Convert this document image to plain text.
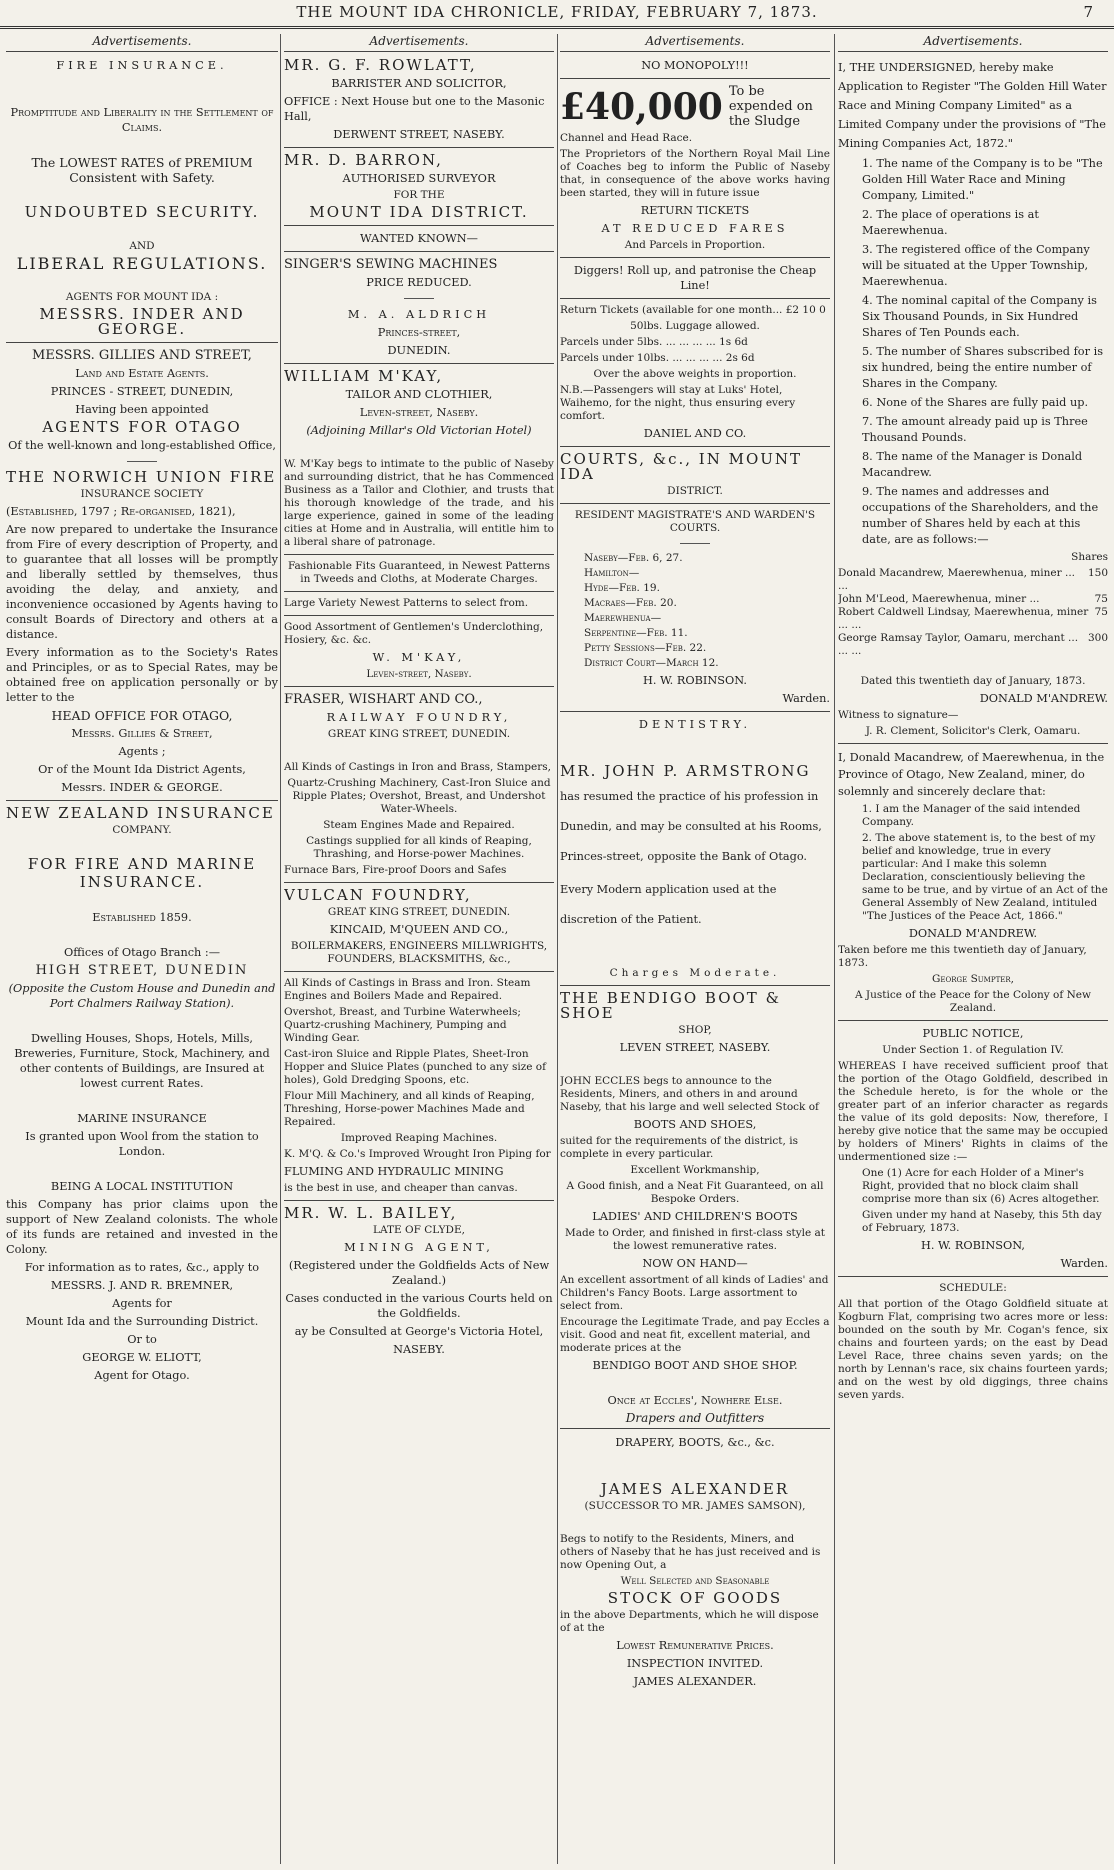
THE MOUNT IDA CHRONICLE, FRIDAY, FEBRUARY 7, 1873.	7
Advertisements.

FIRE INSURANCE.

Promptitude and Liberality in the Settlement of Claims.

The LOWEST RATES of PREMIUM Consistent with Safety.

UNDOUBTED SECURITY.

AND

LIBERAL REGULATIONS.

AGENTS FOR MOUNT IDA :

MESSRS. INDER AND GEORGE.

MESSRS. GILLIES AND STREET,

Land and Estate Agents.

PRINCES - STREET, DUNEDIN,

Having been appointed

AGENTS FOR OTAGO

Of the well-known and long-established Office,

THE NORWICH UNION FIRE

INSURANCE SOCIETY

(Established, 1797 ; Re-organised, 1821),

Are now prepared to undertake the Insurance from Fire of every description of Property, and to guarantee that all losses will be promptly and liberally settled by themselves, thus avoiding the delay, and anxiety, and inconvenience occasioned by Agents having to consult Boards of Directory and others at a distance.

Every information as to the Society's Rates and Principles, or as to Special Rates, may be obtained free on application personally or by letter to the

HEAD OFFICE FOR OTAGO,

Messrs. Gillies & Street,

Agents ;

Or of the Mount Ida District Agents,

Messrs. INDER & GEORGE.

NEW ZEALAND INSURANCE

COMPANY.

FOR FIRE AND MARINE

INSURANCE.

Established 1859.

Offices of Otago Branch :—

HIGH STREET, DUNEDIN

(Opposite the Custom House and Dunedin and Port Chalmers Railway Station).

Dwelling Houses, Shops, Hotels, Mills, Breweries, Furniture, Stock, Machinery, and other contents of Buildings, are Insured at lowest current Rates.

MARINE INSURANCE

Is granted upon Wool from the station to London.

BEING A LOCAL INSTITUTION

this Company has prior claims upon the support of New Zealand colonists. The whole of its funds are retained and invested in the Colony.

For information as to rates, &c., apply to

MESSRS. J. AND R. BREMNER,

Agents for

Mount Ida and the Surrounding District.

Or to

GEORGE W. ELIOTT,

Agent for Otago.

Advertisements.

MR. G. F. ROWLATT,

BARRISTER AND SOLICITOR,

OFFICE : Next House but one to the Masonic Hall,

DERWENT STREET, NASEBY.

MR. D. BARRON,

AUTHORISED SURVEYOR

FOR THE

MOUNT IDA DISTRICT.

WANTED KNOWN—

SINGER'S SEWING MACHINES

PRICE REDUCED.

M. A. ALDRICH

Princes-street,

DUNEDIN.

WILLIAM M'KAY,

TAILOR AND CLOTHIER,

Leven-street, Naseby.

(Adjoining Millar's Old Victorian Hotel)

W. M'Kay begs to intimate to the public of Naseby and surrounding district, that he has Commenced Business as a Tailor and Clothier, and trusts that his thorough knowledge of the trade, and his large experience, gained in some of the leading cities at Home and in Australia, will entitle him to a liberal share of patronage.

Fashionable Fits Guaranteed, in Newest Patterns in Tweeds and Cloths, at Moderate Charges.

Large Variety Newest Patterns to select from.

Good Assortment of Gentlemen's Underclothing, Hosiery, &c. &c.

W. M'KAY,

Leven-street, Naseby.

FRASER, WISHART AND CO.,

RAILWAY FOUNDRY,

GREAT KING STREET, DUNEDIN.

All Kinds of Castings in Iron and Brass, Stampers,

Quartz-Crushing Machinery, Cast-Iron Sluice and Ripple Plates; Overshot, Breast, and Undershot Water-Wheels.

Steam Engines Made and Repaired.

Castings supplied for all kinds of Reaping, Thrashing, and Horse-power Machines.

Furnace Bars, Fire-proof Doors and Safes

VULCAN FOUNDRY,

GREAT KING STREET, DUNEDIN.

KINCAID, M'QUEEN AND CO.,

BOILERMAKERS, ENGINEERS MILLWRIGHTS, FOUNDERS, BLACKSMITHS, &c.,

All Kinds of Castings in Brass and Iron. Steam Engines and Boilers Made and Repaired.

Overshot, Breast, and Turbine Waterwheels; Quartz-crushing Machinery, Pumping and Winding Gear.

Cast-iron Sluice and Ripple Plates, Sheet-Iron Hopper and Sluice Plates (punched to any size of holes), Gold Dredging Spoons, etc.

Flour Mill Machinery, and all kinds of Reaping, Threshing, Horse-power Machines Made and Repaired.

Improved Reaping Machines.

K. M'Q. & Co.'s Improved Wrought Iron Piping for

FLUMING AND HYDRAULIC MINING

is the best in use, and cheaper than canvas.

MR. W. L. BAILEY,

LATE OF CLYDE,

MINING AGENT,

(Registered under the Goldfields Acts of New Zealand.)

Cases conducted in the various Courts held on the Goldfields.

ay be Consulted at George's Victoria Hotel,

NASEBY.

Advertisements.

NO MONOPOLY!!!

£40,000 To be expended on the Sludge

Channel and Head Race.

The Proprietors of the Northern Royal Mail Line of Coaches beg to inform the Public of Naseby that, in consequence of the above works having been started, they will in future issue

RETURN TICKETS

AT REDUCED FARES

And Parcels in Proportion.

Diggers! Roll up, and patronise the Cheap Line!

Return Tickets (available for one month... £2 10 0

50lbs. Luggage allowed.

Parcels under 5lbs. ... ... ... ... 1s 6d

Parcels under 10lbs. ... ... ... ... 2s 6d

Over the above weights in proportion.

N.B.—Passengers will stay at Luks' Hotel, Waihemo, for the night, thus ensuring every comfort.

DANIEL AND CO.

COURTS, &c., IN MOUNT IDA

DISTRICT.

RESIDENT MAGISTRATE'S AND WARDEN'S COURTS.

Naseby—Feb. 6, 27.

Hamilton—

Hyde—Feb. 19.

Macraes—Feb. 20.

Maerewhenua—

Serpentine—Feb. 11.

Petty Sessions—Feb. 22.

District Court—March 12.

H. W. ROBINSON.

Warden.

DENTISTRY.

MR. JOHN P. ARMSTRONG

has resumed the practice of his profession in Dunedin, and may be consulted at his Rooms, Princes-street, opposite the Bank of Otago.

Every Modern application used at the discretion of the Patient.

Charges Moderate.

THE BENDIGO BOOT & SHOE

SHOP,

LEVEN STREET, NASEBY.

JOHN ECCLES begs to announce to the Residents, Miners, and others in and around Naseby, that his large and well selected Stock of

BOOTS AND SHOES,

suited for the requirements of the district, is complete in every particular.

Excellent Workmanship,

A Good finish, and a Neat Fit Guaranteed, on all Bespoke Orders.

LADIES' AND CHILDREN'S BOOTS

Made to Order, and finished in first-class style at the lowest remunerative rates.

NOW ON HAND—

An excellent assortment of all kinds of Ladies' and Children's Fancy Boots. Large assortment to select from.

Encourage the Legitimate Trade, and pay Eccles a visit. Good and neat fit, excellent material, and moderate prices at the

BENDIGO BOOT AND SHOE SHOP.

Once at Eccles', Nowhere Else.

Drapers and Outfitters

DRAPERY, BOOTS, &c., &c.

JAMES ALEXANDER

(SUCCESSOR TO MR. JAMES SAMSON),

Begs to notify to the Residents, Miners, and others of Naseby that he has just received and is now Opening Out, a

Well Selected and Seasonable

STOCK OF GOODS

in the above Departments, which he will dispose of at the

Lowest Remunerative Prices.

INSPECTION INVITED.

JAMES ALEXANDER.

Advertisements.

I, THE UNDERSIGNED, hereby make Application to Register "The Golden Hill Water Race and Mining Company Limited" as a Limited Company under the provisions of "The Mining Companies Act, 1872."

1. The name of the Company is to be "The Golden Hill Water Race and Mining Company, Limited."

2. The place of operations is at Maerewhenua.

3. The registered office of the Company will be situated at the Upper Township, Maerewhenua.

4. The nominal capital of the Company is Six Thousand Pounds, in Six Hundred Shares of Ten Pounds each.

5. The number of Shares subscribed for is six hundred, being the entire number of Shares in the Company.

6. None of the Shares are fully paid up.

7. The amount already paid up is Three Thousand Pounds.

8. The name of the Manager is Donald Macandrew.

9. The names and addresses and occupations of the Shareholders, and the number of Shares held by each at this date, are as follows:—

Shares

Donald Macandrew, Maerewhenua, miner ... ...
150
John M'Leod, Maerewhenua, miner ...	75
Robert Caldwell Lindsay, Maerewhenua, miner ... ...
75
George Ramsay Taylor, Oamaru, merchant ... ... ...
300

Dated this twentieth day of January, 1873.

DONALD M'ANDREW.

Witness to signature—

J. R. Clement, Solicitor's Clerk, Oamaru.

I, Donald Macandrew, of Maerewhenua, in the Province of Otago, New Zealand, miner, do solemnly and sincerely declare that:

1. I am the Manager of the said intended Company.

2. The above statement is, to the best of my belief and knowledge, true in every particular: And I make this solemn Declaration, conscientiously believing the same to be true, and by virtue of an Act of the General Assembly of New Zealand, intituled "The Justices of the Peace Act, 1866."

DONALD M'ANDREW.

Taken before me this twentieth day of January, 1873.

George Sumpter,

A Justice of the Peace for the Colony of New Zealand.

PUBLIC NOTICE,

Under Section 1. of Regulation IV.

WHEREAS I have received sufficient proof that the portion of the Otago Goldfield, described in the Schedule hereto, is for the whole or the greater part of an inferior character as regards the value of its gold deposits: Now, therefore, I hereby give notice that the same may be occupied by holders of Miners' Rights in claims of the undermentioned size :—

One (1) Acre for each Holder of a Miner's Right, provided that no block claim shall comprise more than six (6) Acres altogether.

Given under my hand at Naseby, this 5th day of February, 1873.

H. W. ROBINSON,

Warden.

SCHEDULE:

All that portion of the Otago Goldfield situate at Kogburn Flat, comprising two acres more or less: bounded on the south by Mr. Cogan's fence, six chains and fourteen yards; on the east by Dead Level Race, three chains seven yards; on the north by Lennan's race, six chains fourteen yards; and on the west by old diggings, three chains seven yards.
